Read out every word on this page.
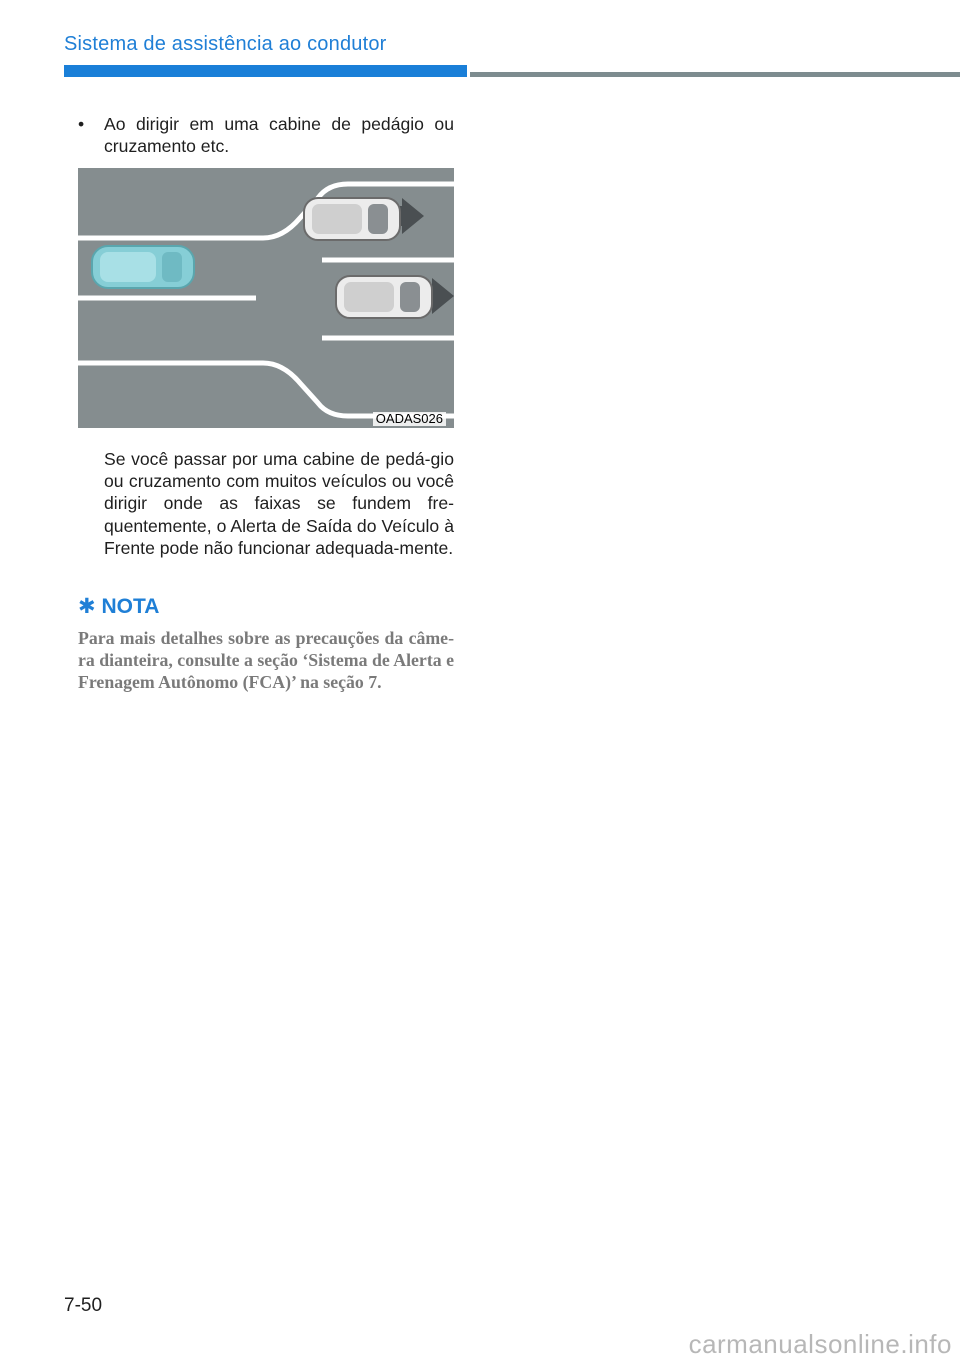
Sistema de assistência ao condutor
• Ao dirigir em uma cabine de pedágio ou cruzamento etc.
OADAS026
Se você passar por uma cabine de pedá-gio ou cruzamento com muitos veículos ou você dirigir onde as faixas se fundem fre-quentemente, o Alerta de Saída do Veículo à Frente pode não funcionar adequada-mente.
✱ NOTA
Para mais detalhes sobre as precauções da câme-ra dianteira, consulte a seção ‘Sistema de Alerta e Frenagem Autônomo (FCA)’ na seção 7.
7-50
carmanualsonline.info
